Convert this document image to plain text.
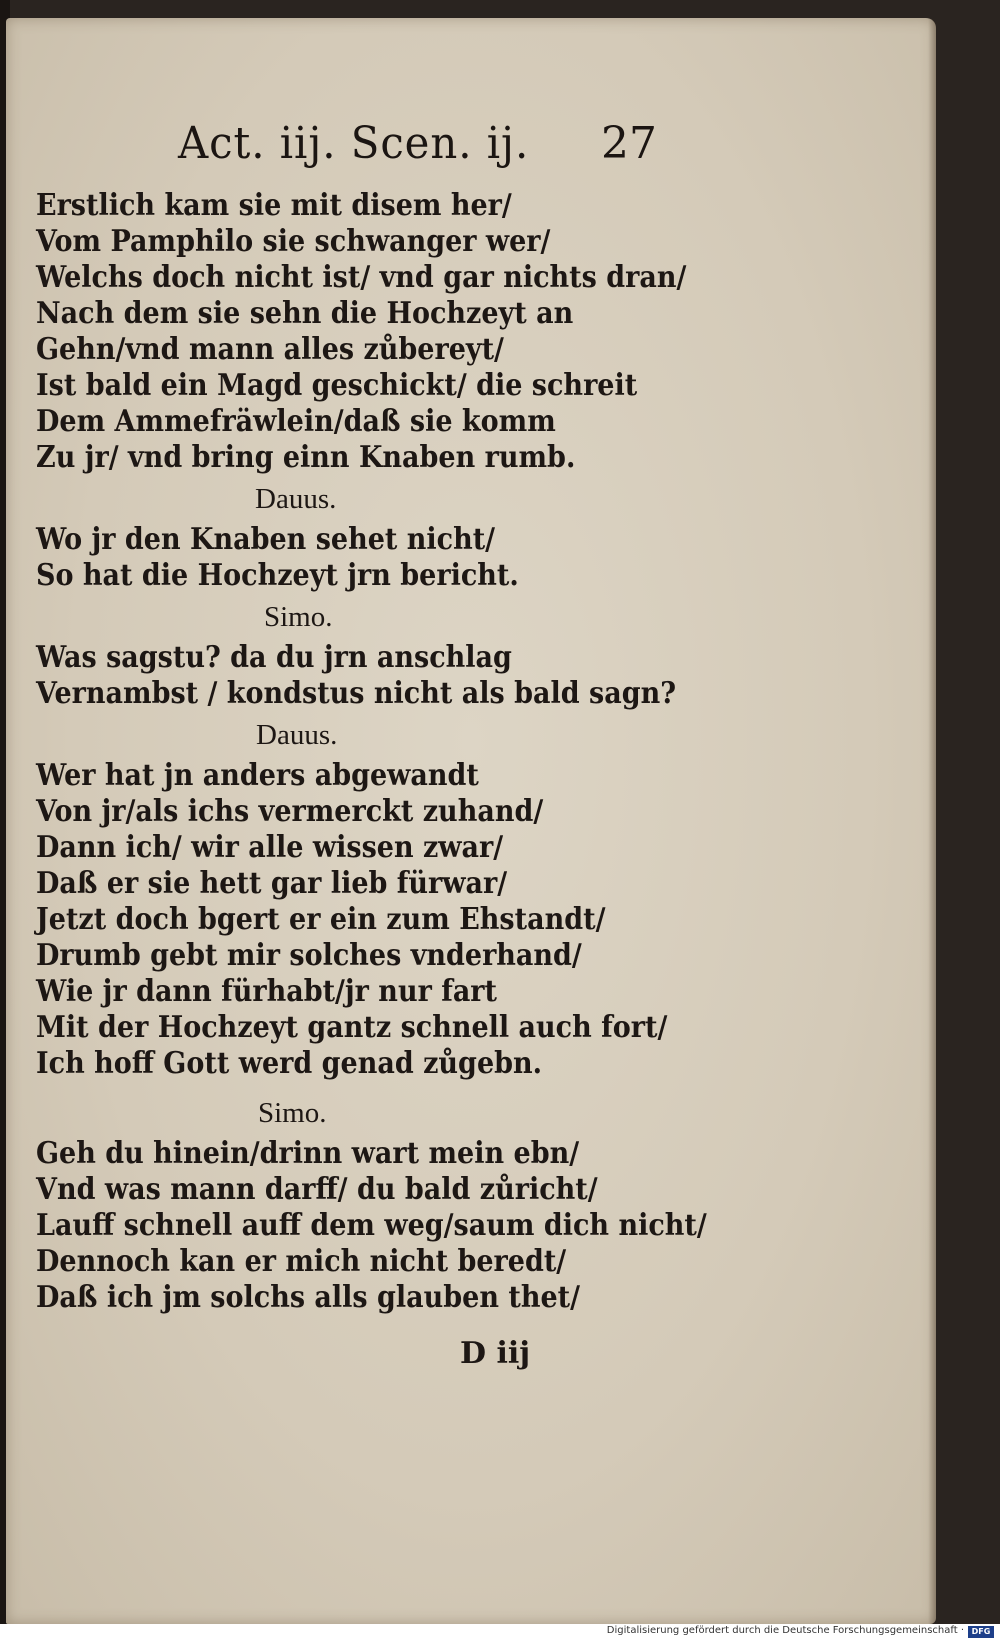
Act. iij. Scen. ij. 27
Erstlich kam sie mit disem her/
Vom Pamphilo sie schwanger wer/
Welchs doch nicht ist/ vnd gar nichts dran/
Nach dem sie sehn die Hochzeyt an
Gehn/vnd mann alles zůbereyt/
Ist bald ein Magd geschickt/ die schreit
Dem Ammefräwlein/daß sie komm
Zu jr/ vnd bring einn Knaben rumb.
Dauus.
Wo jr den Knaben sehet nicht/
So hat die Hochzeyt jrn bericht.
Simo.
Was sagstu? da du jrn anschlag
Vernambst / kondstus nicht als bald sagn?
Dauus.
Wer hat jn anders abgewandt
Von jr/als ichs vermerckt zuhand/
Dann ich/ wir alle wissen zwar/
Daß er sie hett gar lieb fürwar/
Jetzt doch bgert er ein zum Ehstandt/
Drumb gebt mir solches vnderhand/
Wie jr dann fürhabt/jr nur fart
Mit der Hochzeyt gantz schnell auch fort/
Ich hoff Gott werd genad zůgebn.
Simo.
Geh du hinein/drinn wart mein ebn/
Vnd was mann darff/ du bald zůricht/
Lauff schnell auff dem weg/saum dich nicht/
Dennoch kan er mich nicht beredt/
Daß ich jm solchs alls glauben thet/
D iij
Digitalisierung gefördert durch die Deutsche Forschungsgemeinschaft · DFG
